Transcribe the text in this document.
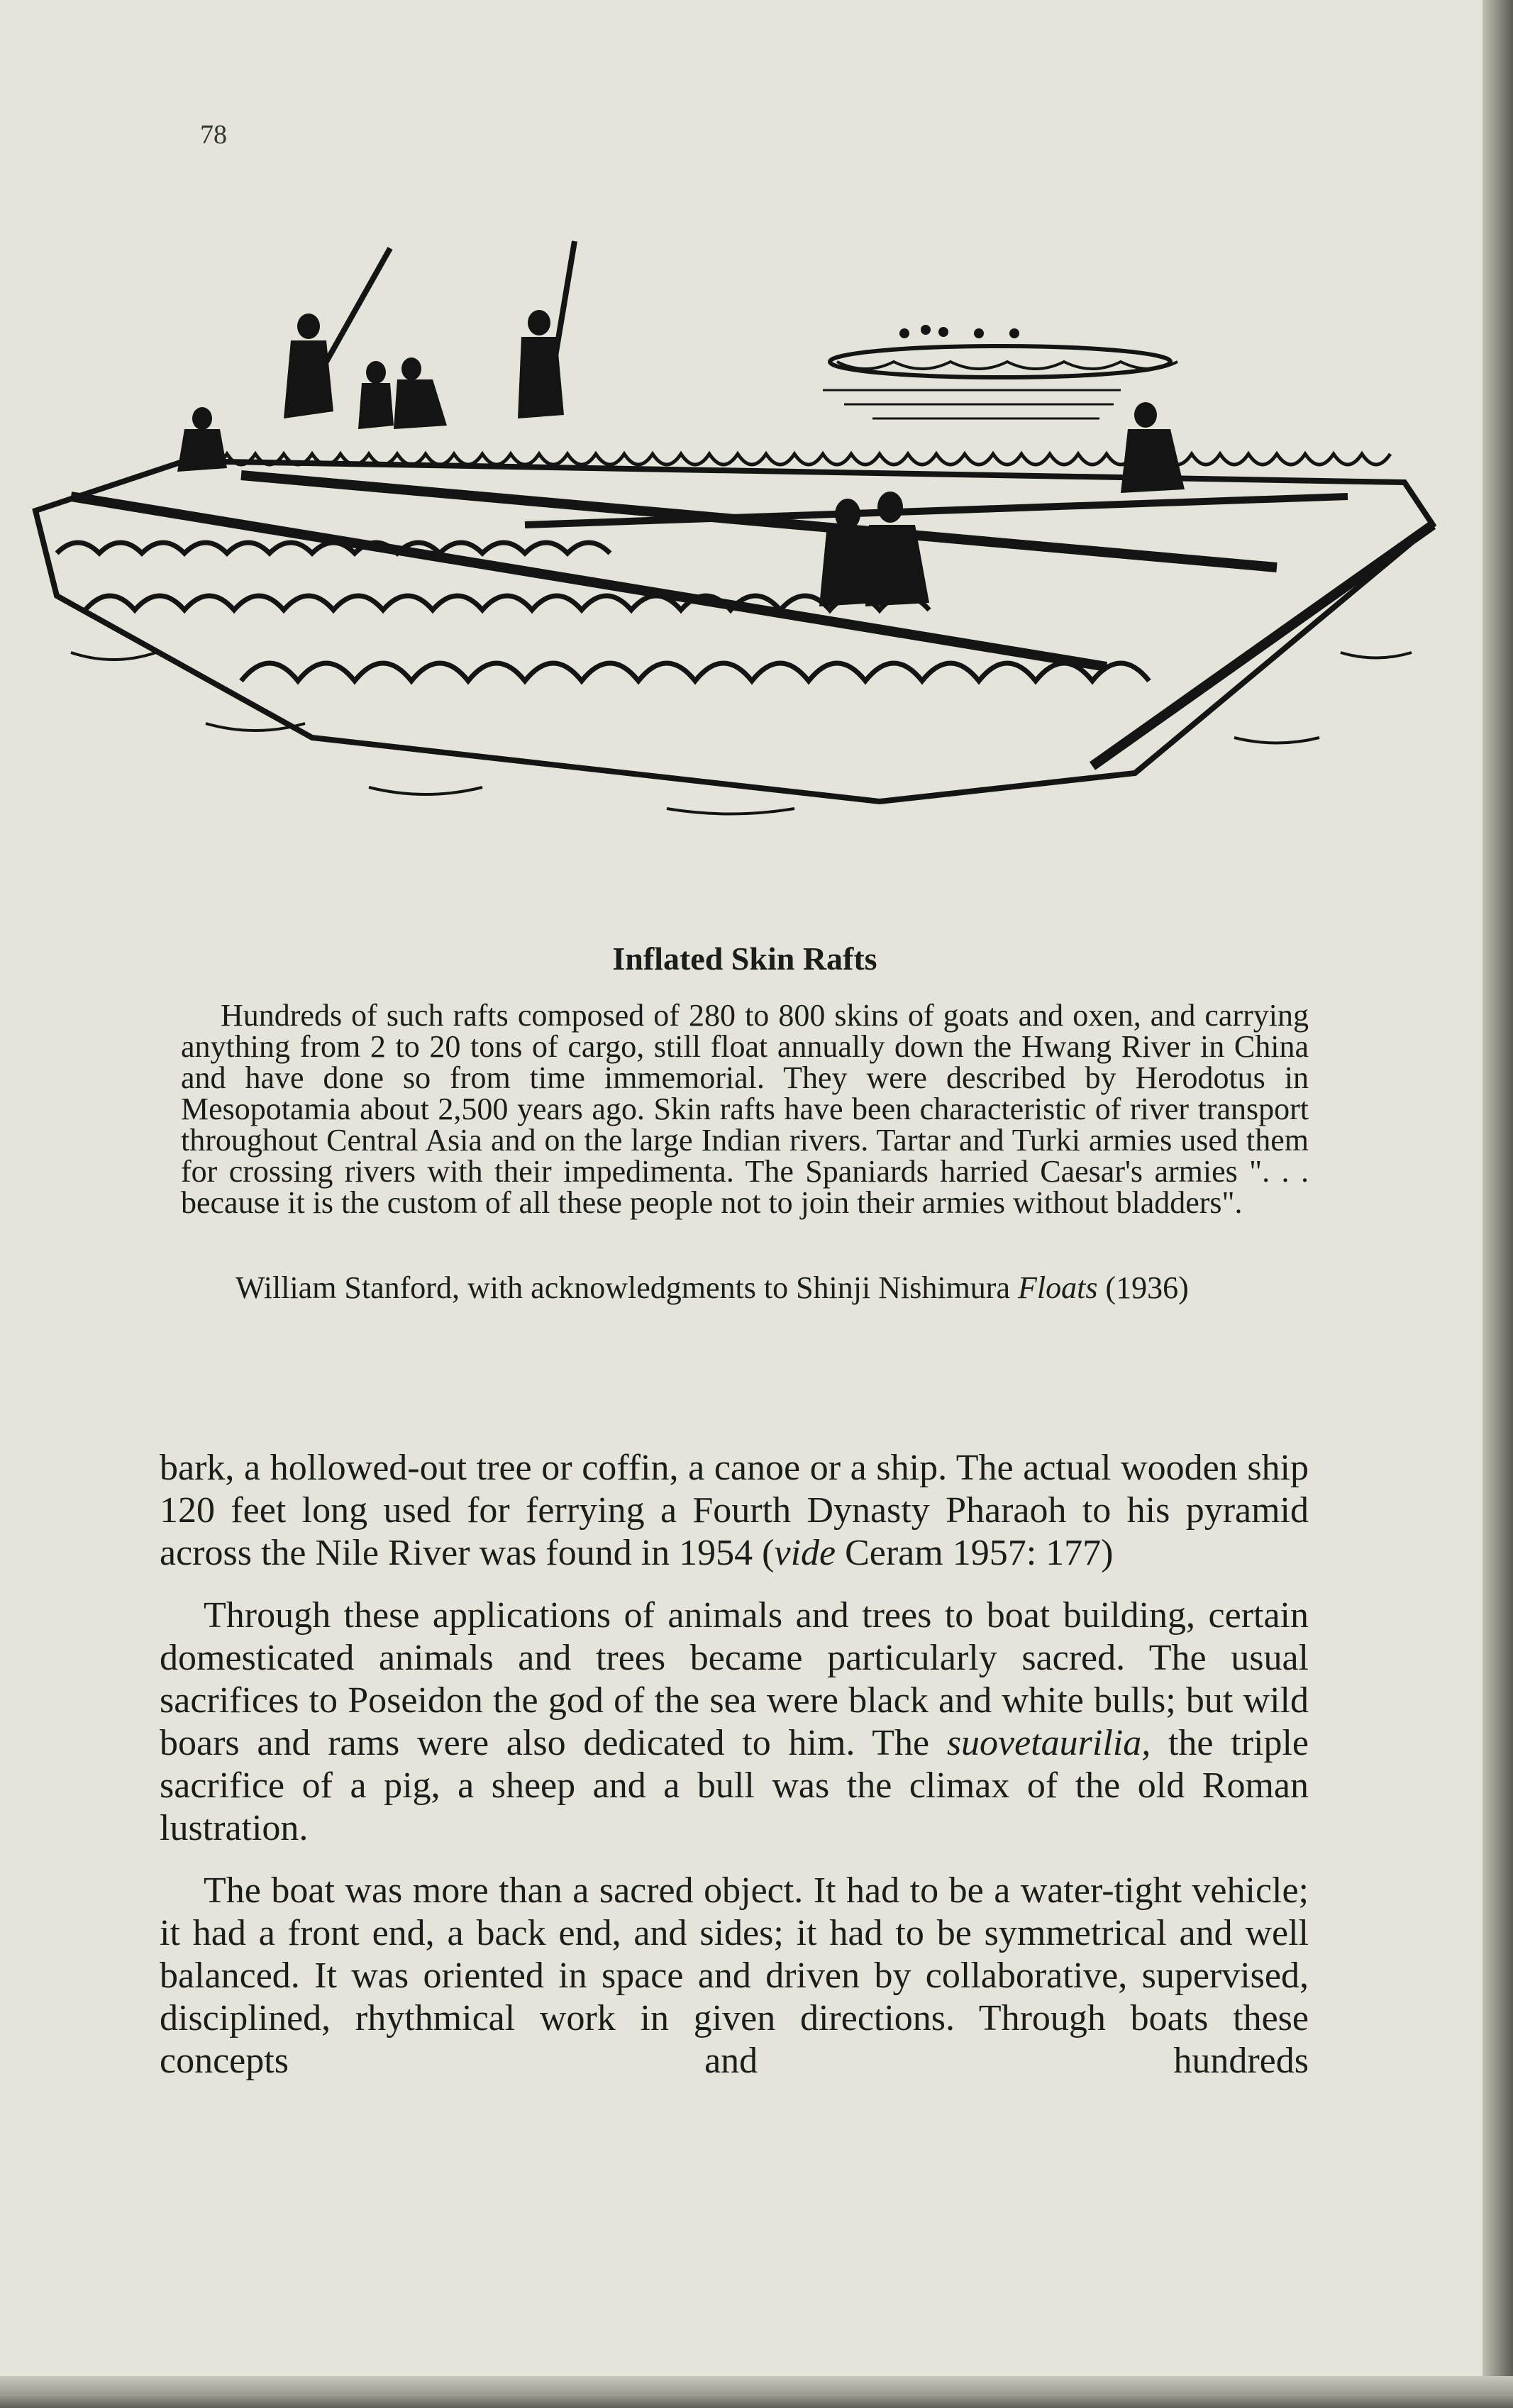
78
Inflated Skin Rafts
Hundreds of such rafts composed of 280 to 800 skins of goats and oxen, and carrying anything from 2 to 20 tons of cargo, still float annually down the Hwang River in China and have done so from time immemorial. They were described by Herodotus in Mesopotamia about 2,500 years ago. Skin rafts have been characteristic of river transport throughout Central Asia and on the large Indian rivers. Tartar and Turki armies used them for crossing rivers with their impedimenta. The Spaniards harried Caesar's armies ". . . because it is the custom of all these people not to join their armies without bladders".
William Stanford, with acknowledgments to Shinji Nishimura Floats (1936)

bark, a hollowed-out tree or coffin, a canoe or a ship. The actual wooden ship 120 feet long used for ferrying a Fourth Dynasty Pharaoh to his pyramid across the Nile River was found in 1954 (vide Ceram 1957: 177)

Through these applications of animals and trees to boat building, certain domesticated animals and trees became particularly sacred. The usual sacrifices to Poseidon the god of the sea were black and white bulls; but wild boars and rams were also dedicated to him. The suovetaurilia, the triple sacrifice of a pig, a sheep and a bull was the climax of the old Roman lustration.

The boat was more than a sacred object. It had to be a water-tight vehicle; it had a front end, a back end, and sides; it had to be symmetrical and well balanced. It was oriented in space and driven by collaborative, supervised, disciplined, rhythmical work in given directions. Through boats these concepts and hundreds
